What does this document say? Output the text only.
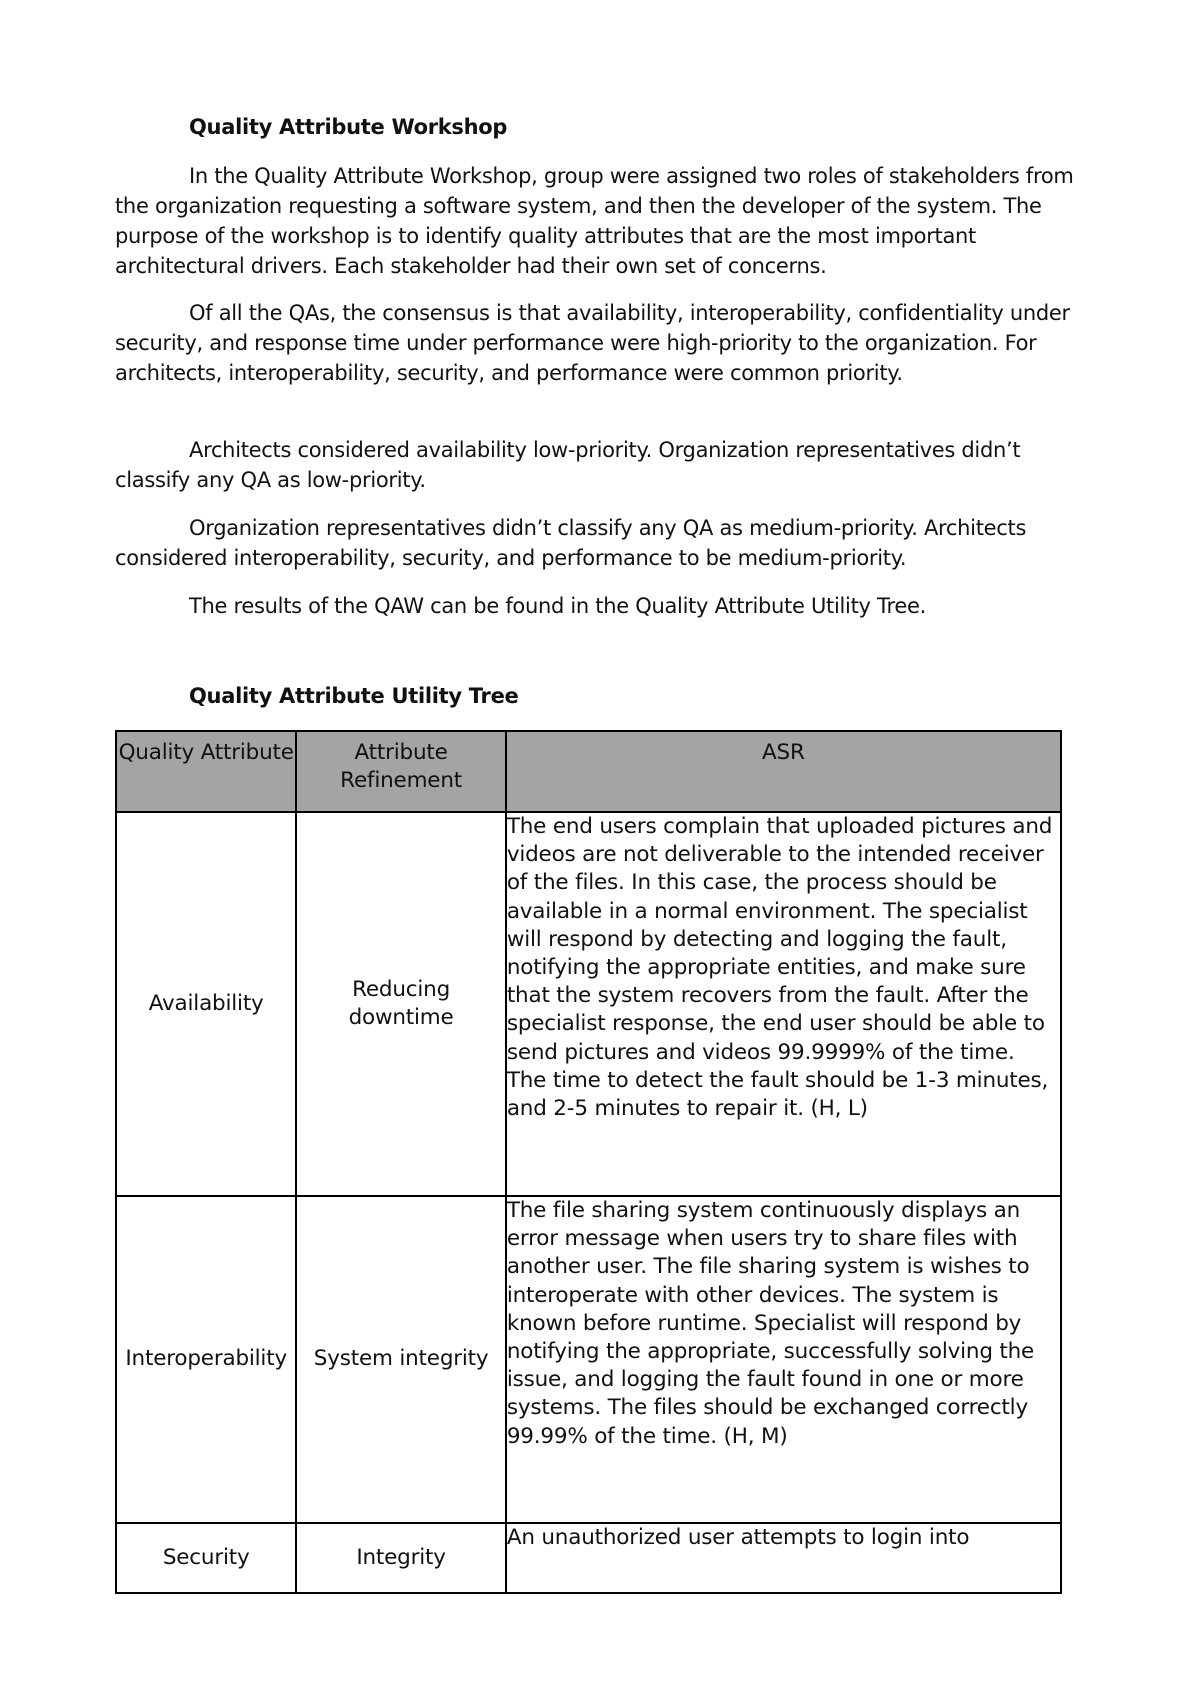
Quality Attribute Workshop

In the Quality Attribute Workshop, group were assigned two roles of stakeholders from the organization requesting a software system, and then the developer of the system. The purpose of the workshop is to identify quality attributes that are the most important architectural drivers. Each stakeholder had their own set of concerns.

Of all the QAs, the consensus is that availability, interoperability, confidentiality under security, and response time under performance were high-priority to the organization. For architects, interoperability, security, and performance were common priority.

Architects considered availability low-priority. Organization representatives didn’t classify any QA as low-priority.

Organization representatives didn’t classify any QA as medium-priority. Architects considered interoperability, security, and performance to be medium-priority.

The results of the QAW can be found in the Quality Attribute Utility Tree.

Quality Attribute Utility Tree
Quality Attribute	Attribute Refinement	ASR
Availability	Reducing downtime	The end users complain that uploaded pictures and videos are not deliverable to the intended receiver of the files. In this case, the process should be available in a normal environment. The specialist will respond by detecting and logging the fault, notifying the appropriate entities, and make sure that the system recovers from the fault. After the specialist response, the end user should be able to send pictures and videos 99.9999% of the time. The time to detect the fault should be 1-3 minutes, and 2-5 minutes to repair it. (H, L)
Interoperability	System integrity	The file sharing system continuously displays an error message when users try to share files with another user. The file sharing system is wishes to interoperate with other devices. The system is known before runtime. Specialist will respond by notifying the appropriate, successfully solving the issue, and logging the fault found in one or more systems. The files should be exchanged correctly 99.99% of the time. (H, M)
Security	Integrity	An unauthorized user attempts to login into
